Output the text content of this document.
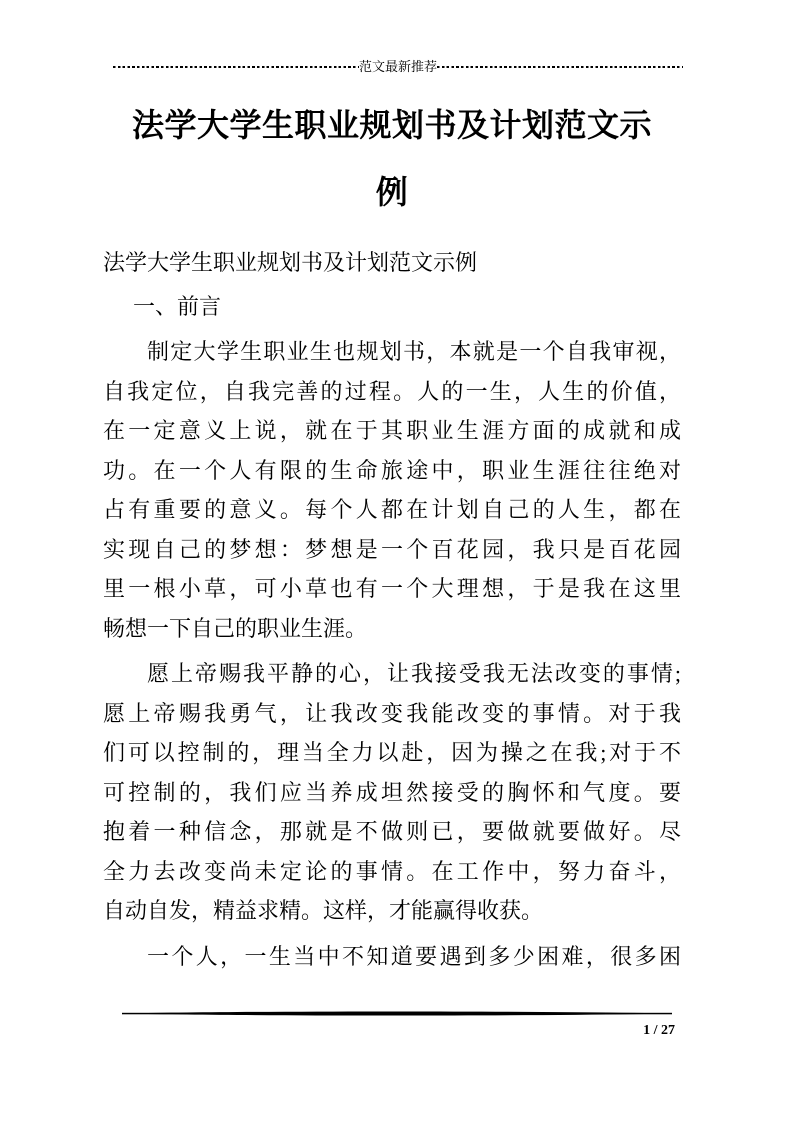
范文最新推荐
法学大学生职业规划书及计划范文示
例
法学大学生职业规划书及计划范文示例
一、前言
制定大学生职业生也规划书，本就是一个自我审视，
自我定位，自我完善的过程。人的一生，人生的价值，
在一定意义上说，就在于其职业生涯方面的成就和成
功。在一个人有限的生命旅途中，职业生涯往往绝对
占有重要的意义。每个人都在计划自己的人生，都在
实现自己的梦想：梦想是一个百花园，我只是百花园
里一根小草，可小草也有一个大理想，于是我在这里
畅想一下自己的职业生涯。
愿上帝赐我平静的心，让我接受我无法改变的事情;
愿上帝赐我勇气，让我改变我能改变的事情。对于我
们可以控制的，理当全力以赴，因为操之在我;对于不
可控制的，我们应当养成坦然接受的胸怀和气度。要
抱着一种信念，那就是不做则已，要做就要做好。尽
全力去改变尚未定论的事情。在工作中，努力奋斗，
自动自发，精益求精。这样，才能赢得收获。
一个人，一生当中不知道要遇到多少困难，很多困
1 / 27
